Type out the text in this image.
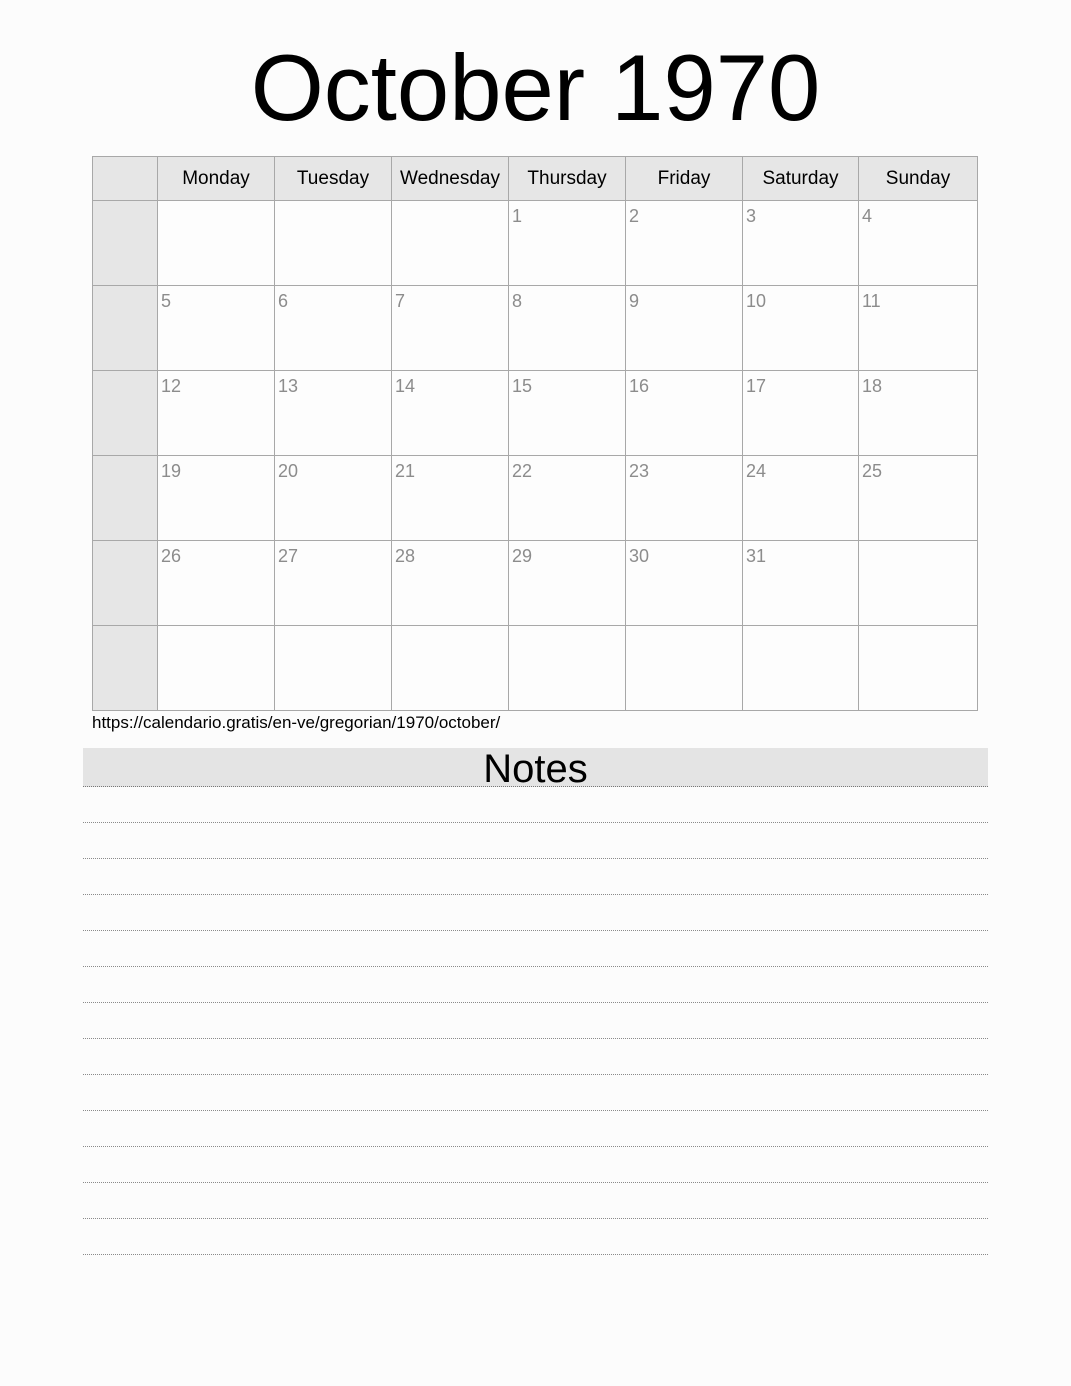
October 1970
	Monday	Tuesday	Wednesday	Thursday	Friday	Saturday	Sunday

				1	2	3	4

	5	6	7	8	9	10	11

	12	13	14	15	16	17	18

	19	20	21	22	23	24	25

	26	27	28	29	30	31	

https://calendario.gratis/en-ve/gregorian/1970/october/
Notes
